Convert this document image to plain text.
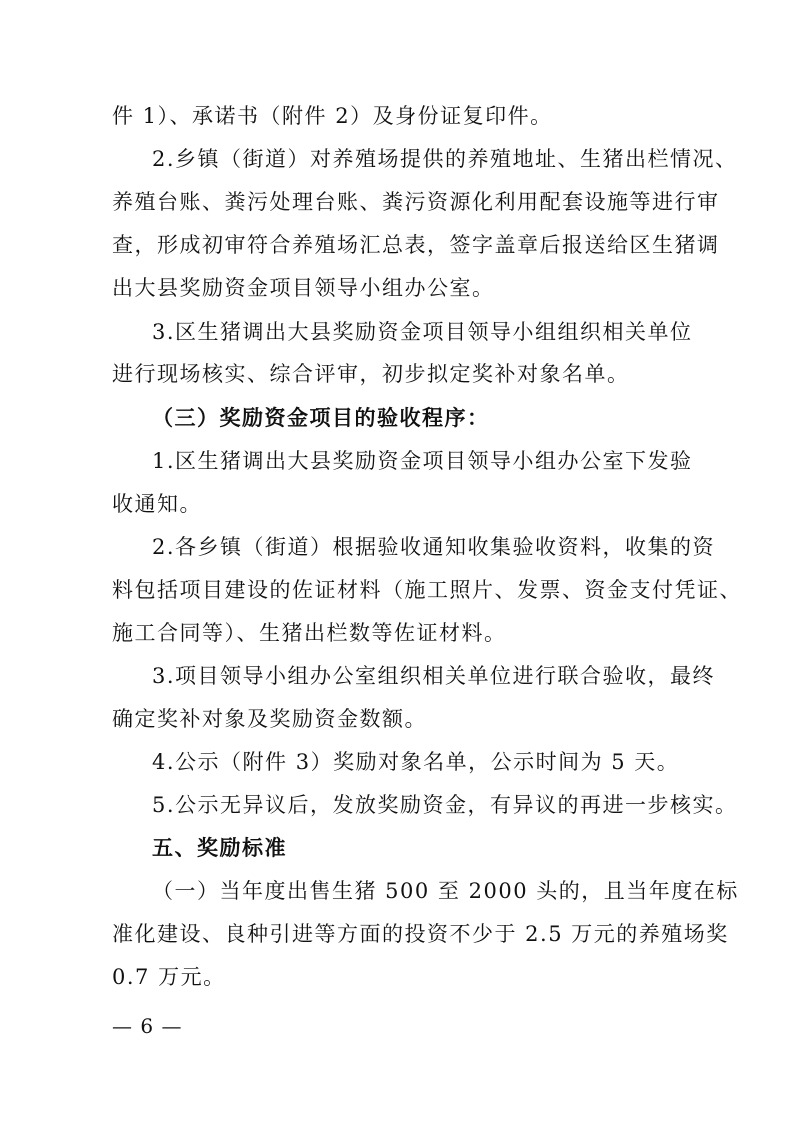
件 1）、承诺书（附件 2）及身份证复印件。
2.乡镇（街道）对养殖场提供的养殖地址、生猪出栏情况、
养殖台账、粪污处理台账、粪污资源化利用配套设施等进行审
查，形成初审符合养殖场汇总表，签字盖章后报送给区生猪调
出大县奖励资金项目领导小组办公室。
3.区生猪调出大县奖励资金项目领导小组组织相关单位
进行现场核实、综合评审，初步拟定奖补对象名单。
（三）奖励资金项目的验收程序：
1.区生猪调出大县奖励资金项目领导小组办公室下发验
收通知。
2.各乡镇（街道）根据验收通知收集验收资料，收集的资
料包括项目建设的佐证材料（施工照片、发票、资金支付凭证、
施工合同等）、生猪出栏数等佐证材料。
3.项目领导小组办公室组织相关单位进行联合验收，最终
确定奖补对象及奖励资金数额。
4.公示（附件 3）奖励对象名单，公示时间为 5 天。
5.公示无异议后，发放奖励资金，有异议的再进一步核实。
五、奖励标准
（一）当年度出售生猪 500 至 2000 头的，且当年度在标
准化建设、良种引进等方面的投资不少于 2.5 万元的养殖场奖
0.7 万元。
— 6 —
